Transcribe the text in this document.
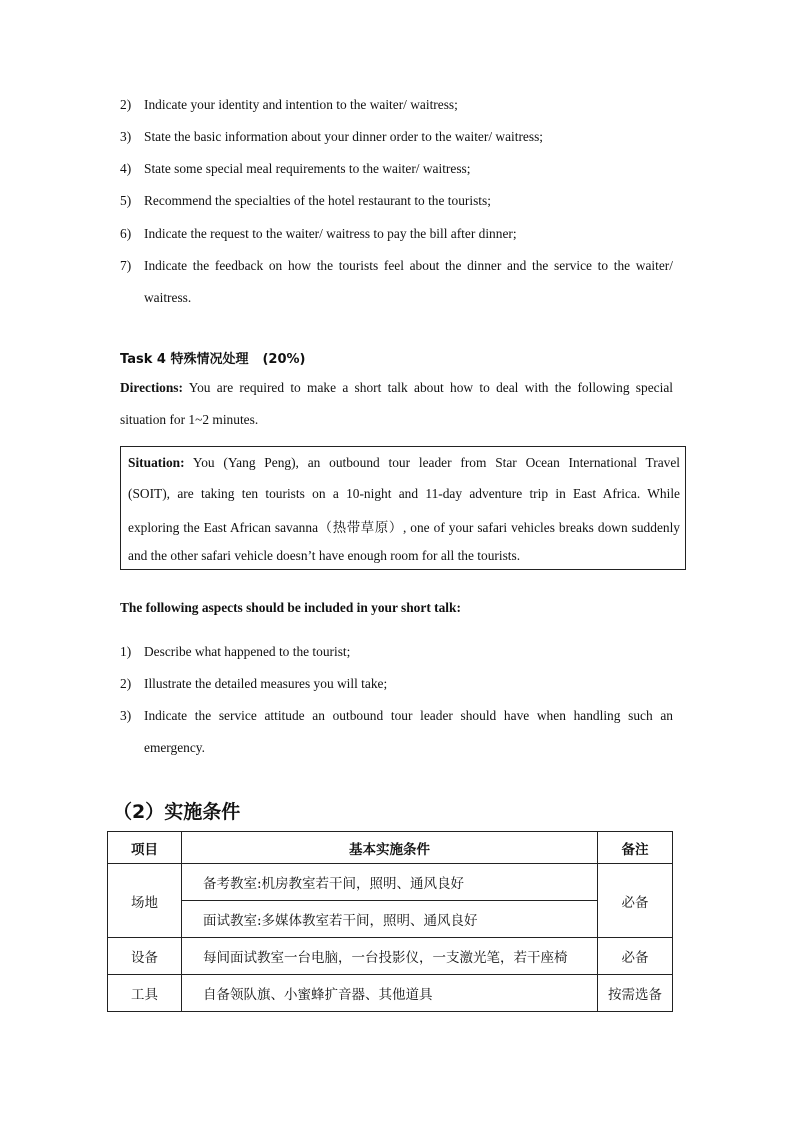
2) Indicate your identity and intention to the waiter/ waitress;
3) State the basic information about your dinner order to the waiter/ waitress;
4) State some special meal requirements to the waiter/ waitress;
5) Recommend the specialties of the hotel restaurant to the tourists;
6) Indicate the request to the waiter/ waitress to pay the bill after dinner;
7) Indicate the feedback on how the tourists feel about the dinner and the service to the waiter/
waitress.
Task 4 特殊情况处理 (20%)
Directions: You are required to make a short talk about how to deal with the following special
situation for 1~2 minutes.
Situation: You (Yang Peng), an outbound tour leader from Star Ocean International Travel
(SOIT), are taking ten tourists on a 10-night and 11-day adventure trip in East Africa. While
exploring the East African savanna（热带草原）, one of your safari vehicles breaks down suddenly
and the other safari vehicle doesn’t have enough room for all the tourists.
The following aspects should be included in your short talk:
1) Describe what happened to the tourist;
2) Illustrate the detailed measures you will take;
3) Indicate the service attitude an outbound tour leader should have when handling such an
emergency.
（2）实施条件
项目	基本实施条件	备注
场地	备考教室:机房教室若干间，照明、通风良好	必备
	面试教室:多媒体教室若干间，照明、通风良好	
设备	每间面试教室一台电脑，一台投影仪，一支激光笔，若干座椅	必备
工具	自备领队旗、小蜜蜂扩音器、其他道具	按需选备
